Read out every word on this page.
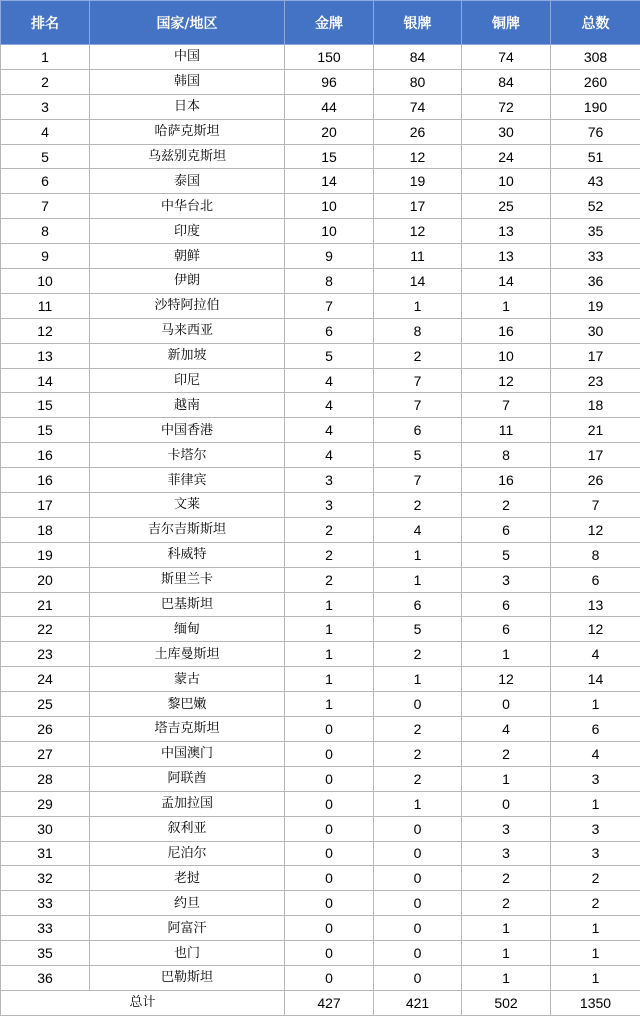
排名	国家/地区	金牌	银牌	铜牌	总数
1	中国	150	84	74	308
2	韩国	96	80	84	260
3	日本	44	74	72	190
4	哈萨克斯坦	20	26	30	76
5	乌兹别克斯坦	15	12	24	51
6	泰国	14	19	10	43
7	中华台北	10	17	25	52
8	印度	10	12	13	35
9	朝鲜	9	11	13	33
10	伊朗	8	14	14	36
11	沙特阿拉伯	7	1	1	19
12	马来西亚	6	8	16	30
13	新加坡	5	2	10	17
14	印尼	4	7	12	23
15	越南	4	7	7	18
15	中国香港	4	6	11	21
16	卡塔尔	4	5	8	17
16	菲律宾	3	7	16	26
17	文莱	3	2	2	7
18	吉尔吉斯斯坦	2	4	6	12
19	科威特	2	1	5	8
20	斯里兰卡	2	1	3	6
21	巴基斯坦	1	6	6	13
22	缅甸	1	5	6	12
23	土库曼斯坦	1	2	1	4
24	蒙古	1	1	12	14
25	黎巴嫩	1	0	0	1
26	塔吉克斯坦	0	2	4	6
27	中国澳门	0	2	2	4
28	阿联酋	0	2	1	3
29	孟加拉国	0	1	0	1
30	叙利亚	0	0	3	3
31	尼泊尔	0	0	3	3
32	老挝	0	0	2	2
33	约旦	0	0	2	2
33	阿富汗	0	0	1	1
35	也门	0	0	1	1
36	巴勒斯坦	0	0	1	1
总计		427	421	502	1350
